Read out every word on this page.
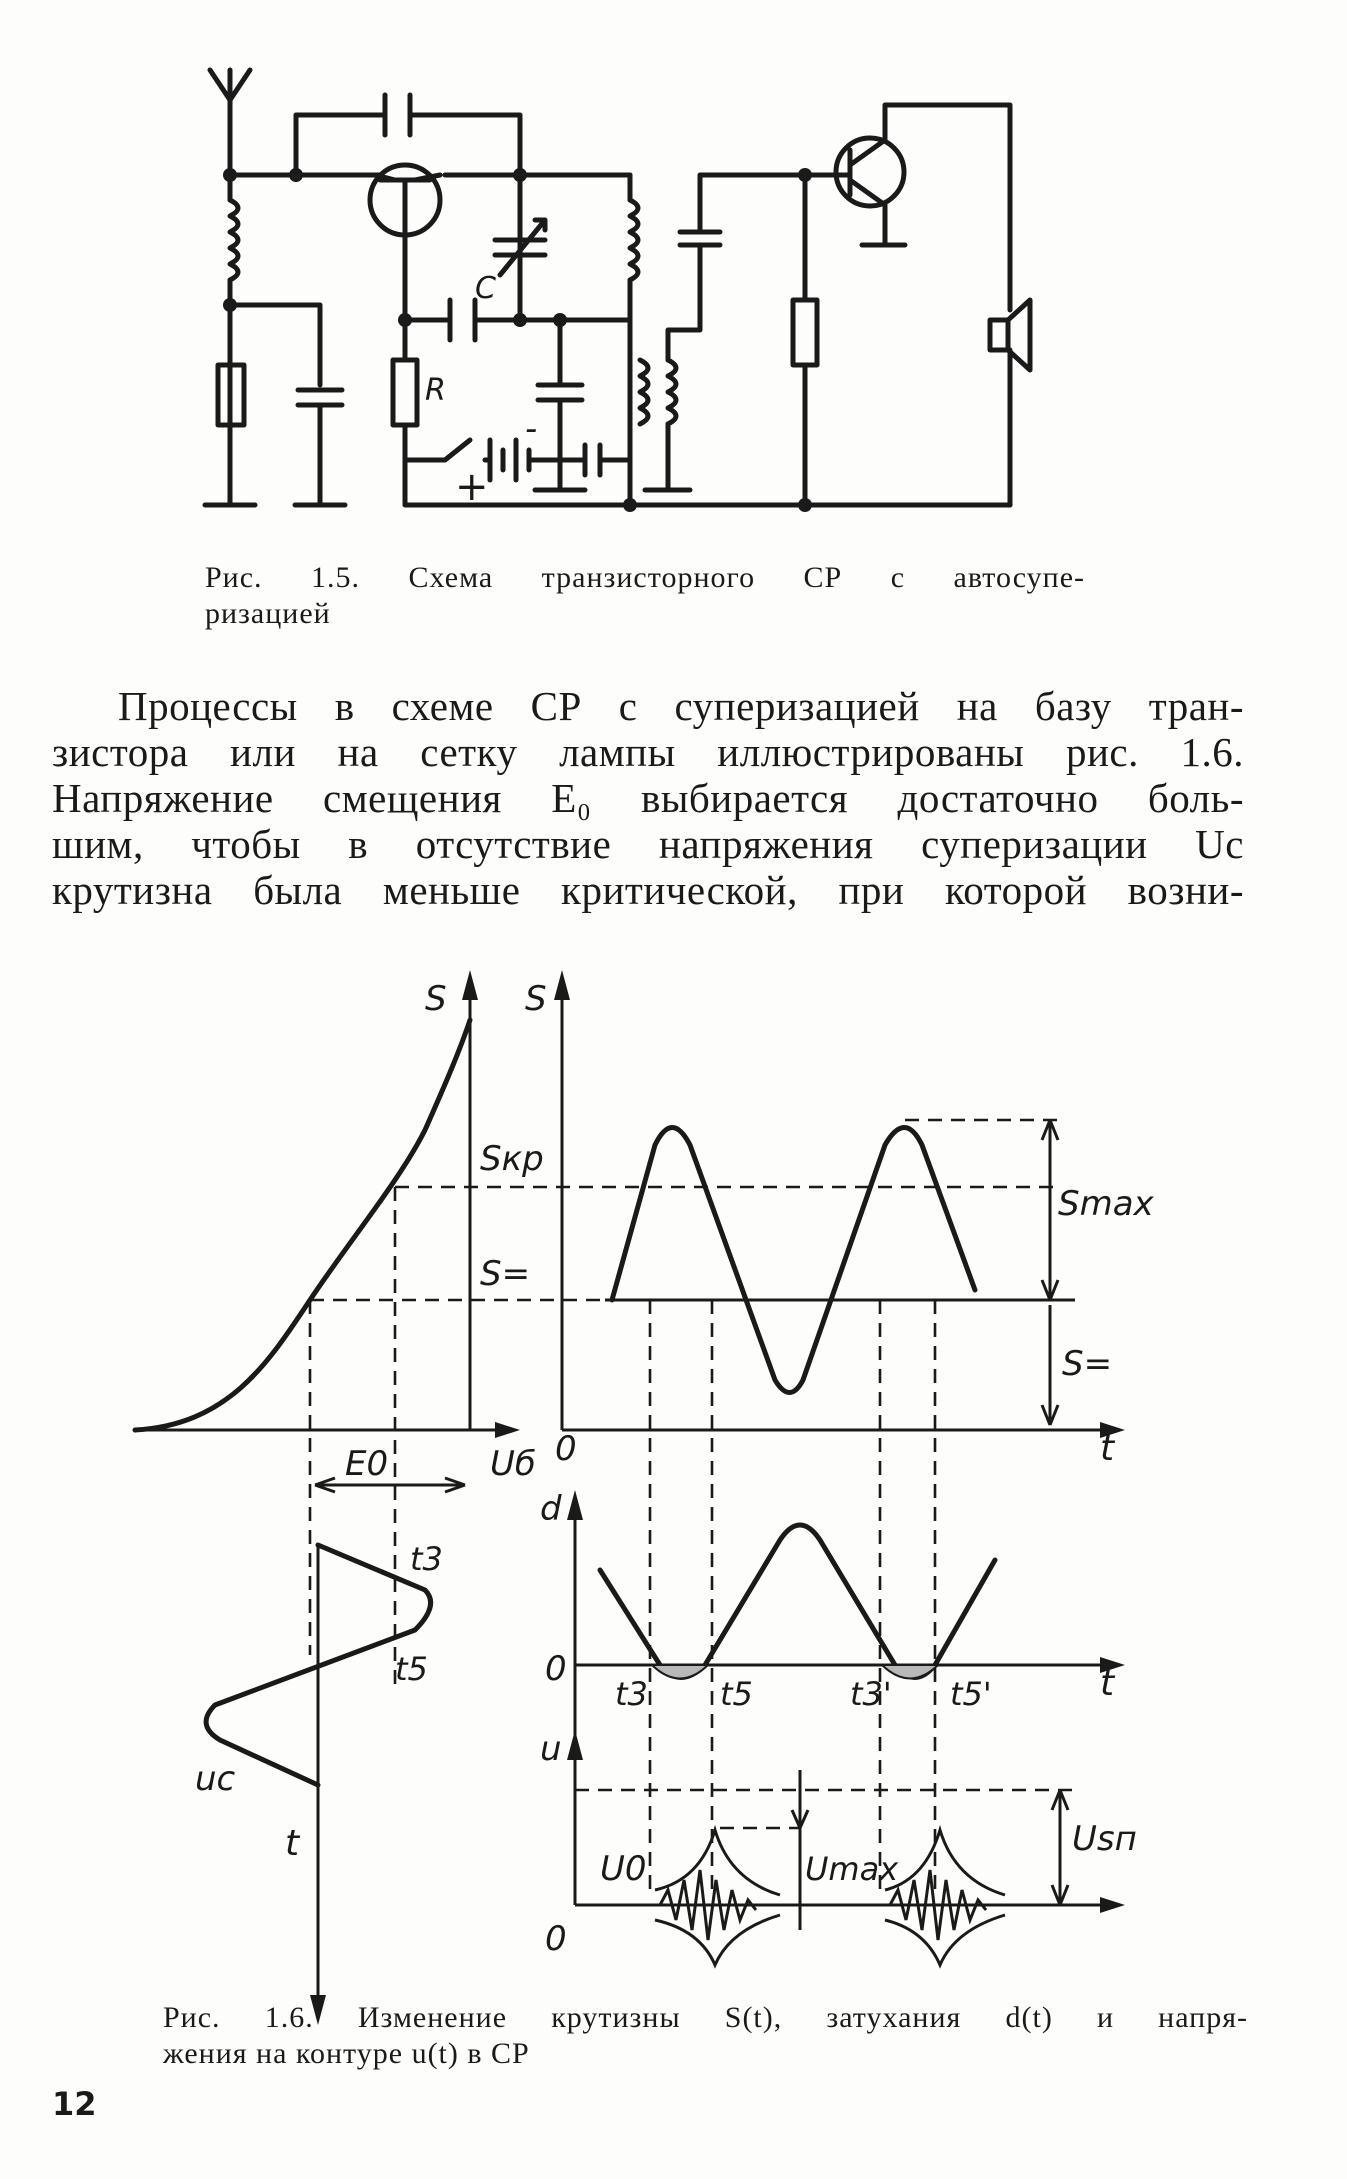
+
-
C
R
Рис. 1.5. Схема транзисторного СР с автосупе-
ризацией
Процессы в схеме СР с суперизацией на базу тран-
зистора или на сетку лампы иллюстрированы рис. 1.6.
Напряжение смещения E₀ выбирается достаточно боль-
шим, чтобы в отсутствие напряжения суперизации Uc
крутизна была меньше критической, при которой возни-
S S
Sкр
S=
Smax
S=
E0	Uб 0	t
d
0	t
t3 t5	t3' t5'
t3
t5
u
0
U0	Umax
Usп
uc
t
Рис. 1.6. Изменение крутизны S(t), затухания d(t) и напря-
жения на контуре u(t) в СР
12
